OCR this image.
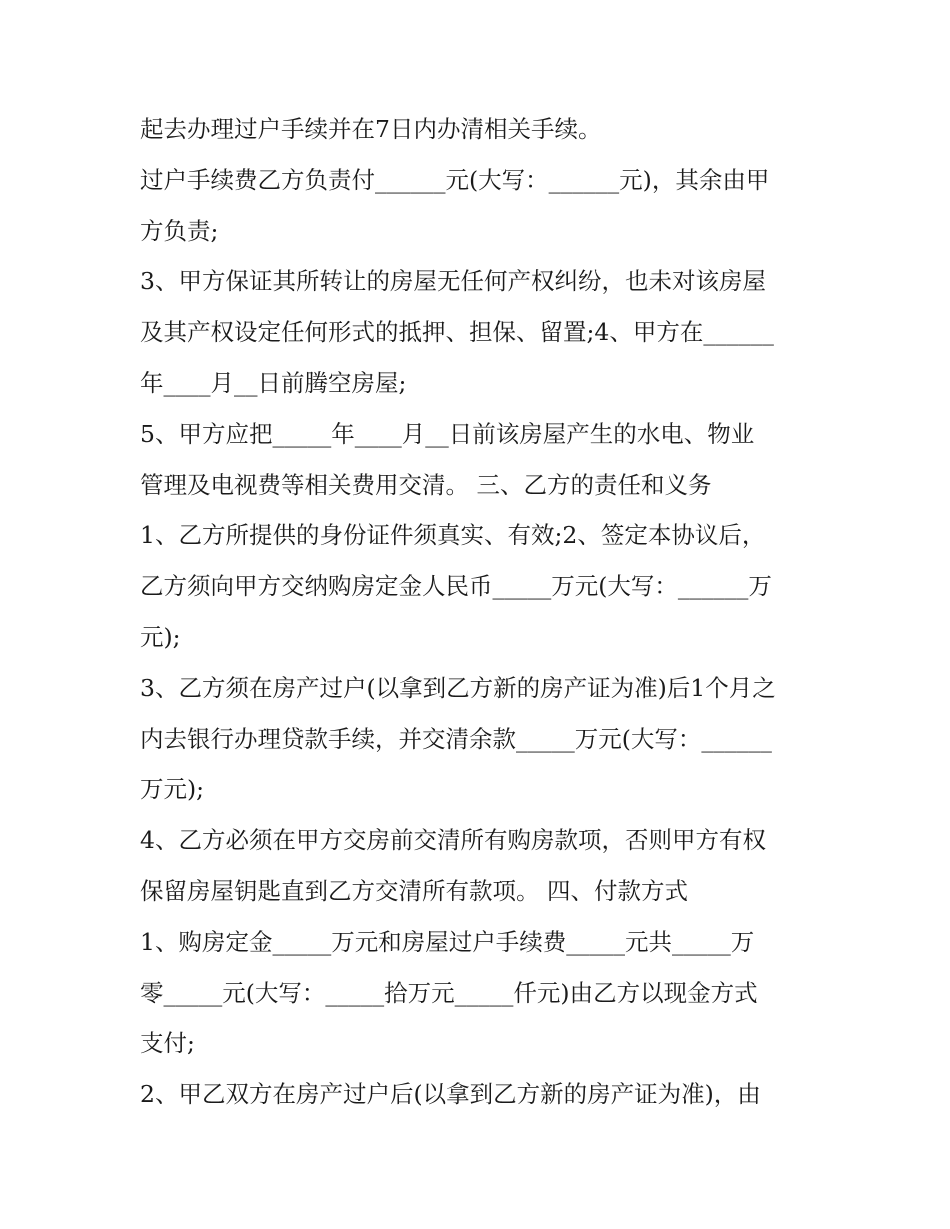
起去办理过户手续并在7日内办清相关手续。
过户手续费乙方负责付______元(大写：______元)，其余由甲
方负责;
3、甲方保证其所转让的房屋无任何产权纠纷，也未对该房屋
及其产权设定任何形式的抵押、担保、留置;4、甲方在______
年____月__日前腾空房屋;
5、甲方应把_____年____月__日前该房屋产生的水电、物业
管理及电视费等相关费用交清。 三、乙方的责任和义务
1、乙方所提供的身份证件须真实、有效;2、签定本协议后，
乙方须向甲方交纳购房定金人民币_____万元(大写：______万
元);
3、乙方须在房产过户(以拿到乙方新的房产证为准)后1个月之
内去银行办理贷款手续，并交清余款_____万元(大写：______
万元);
4、乙方必须在甲方交房前交清所有购房款项，否则甲方有权
保留房屋钥匙直到乙方交清所有款项。 四、付款方式
1、购房定金_____万元和房屋过户手续费_____元共_____万
零_____元(大写：_____拾万元_____仟元)由乙方以现金方式
支付;
2、甲乙双方在房产过户后(以拿到乙方新的房产证为准)，由
